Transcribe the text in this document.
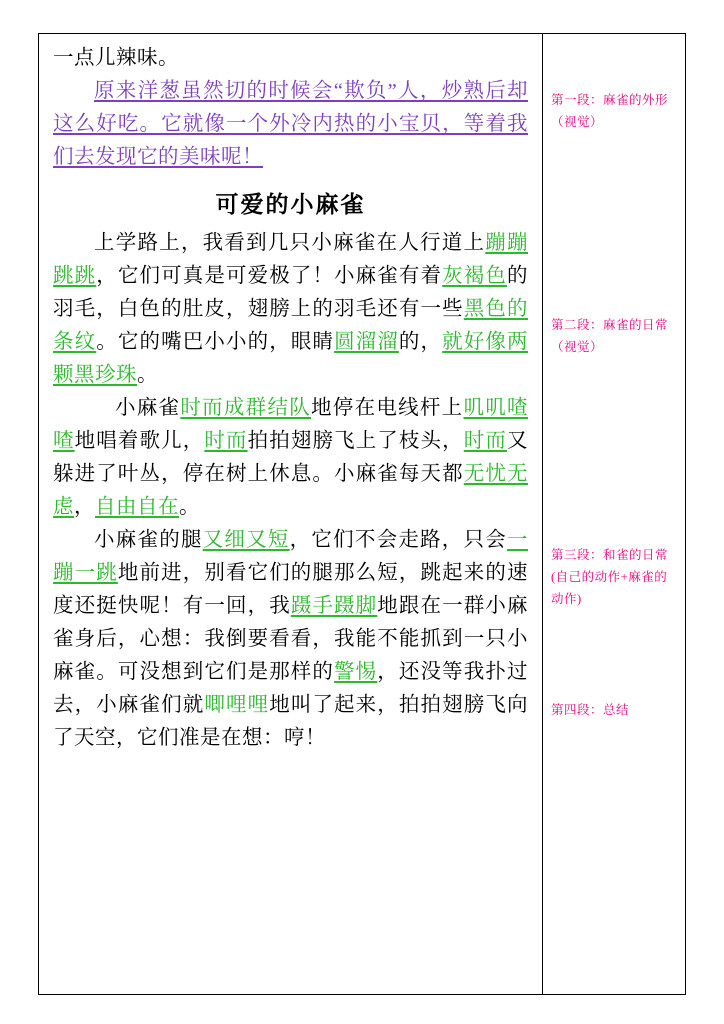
一点儿辣味。

原来洋葱虽然切的时候会“欺负”人，炒熟后却这么好吃。它就像一个外冷内热的小宝贝，等着我们去发现它的美味呢！

可爱的小麻雀

上学路上，我看到几只小麻雀在人行道上蹦蹦跳跳，它们可真是可爱极了！小麻雀有着灰褐色的羽毛，白色的肚皮，翅膀上的羽毛还有一些黑色的条纹。它的嘴巴小小的，眼睛圆溜溜的，就好像两颗黑珍珠。

小麻雀时而成群结队地停在电线杆上叽叽喳喳地唱着歌儿，时而拍拍翅膀飞上了枝头，时而又躲进了叶丛，停在树上休息。小麻雀每天都无忧无虑，自由自在。

小麻雀的腿又细又短，它们不会走路，只会一蹦一跳地前进，别看它们的腿那么短，跳起来的速度还挺快呢！有一回，我蹑手蹑脚地跟在一群小麻雀身后，心想：我倒要看看，我能不能抓到一只小麻雀。可没想到它们是那样的警惕，还没等我扑过去，小麻雀们就唧哩哩地叫了起来，拍拍翅膀飞向了天空，它们准是在想：哼！

第四段：总结
第一段：麻雀的外形（视觉）
第二段：麻雀的日常（视觉）
第三段：和雀的日常(自己的动作+麻雀的动作)
